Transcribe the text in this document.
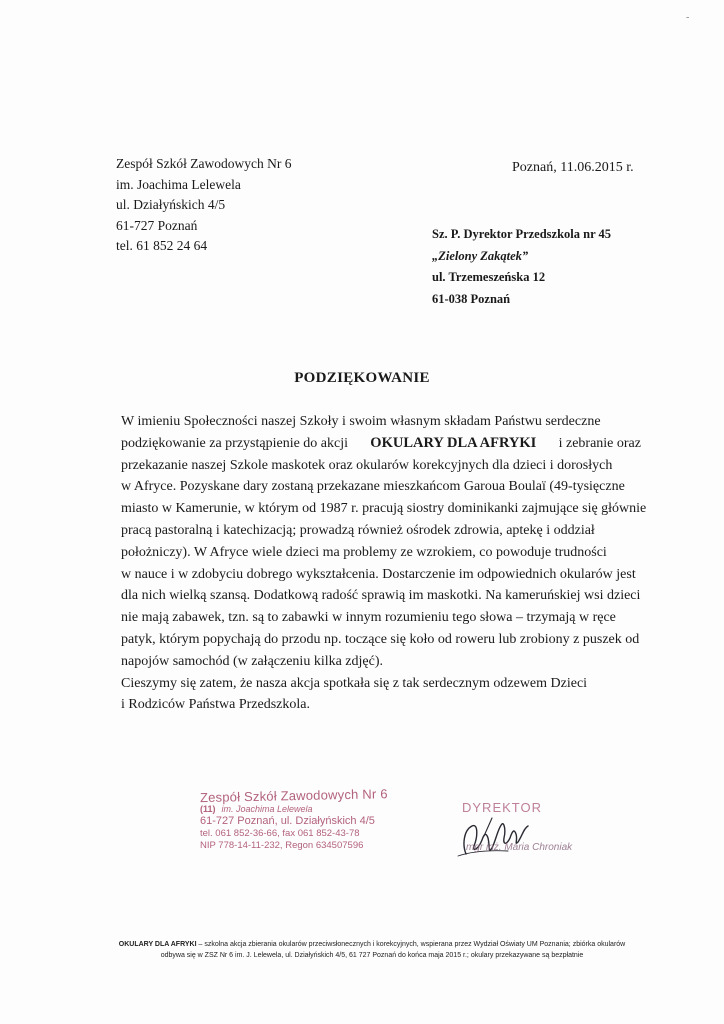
-
Zespół Szkół Zawodowych Nr 6
im. Joachima Lelewela
ul. Działyńskich 4/5
61-727 Poznań
tel. 61 852 24 64
Poznań, 11.06.2015 r.
Sz. P. Dyrektor Przedszkola nr 45
„Zielony Zakątek”
ul. Trzemeszeńska 12
61-038 Poznań
PODZIĘKOWANIE
W imieniu Społeczności naszej Szkoły i swoim własnym składam Państwu serdeczne
podziękowanie za przystąpienie do akcji OKULARY DLA AFRYKI i zebranie oraz
przekazanie naszej Szkole maskotek oraz okularów korekcyjnych dla dzieci i dorosłych
w Afryce. Pozyskane dary zostaną przekazane mieszkańcom Garoua Boulaï (49-tysięczne
miasto w Kamerunie, w którym od 1987 r. pracują siostry dominikanki zajmujące się głównie
pracą pastoralną i katechizacją; prowadzą również ośrodek zdrowia, aptekę i oddział
położniczy). W Afryce wiele dzieci ma problemy ze wzrokiem, co powoduje trudności
w nauce i w zdobyciu dobrego wykształcenia. Dostarczenie im odpowiednich okularów jest
dla nich wielką szansą. Dodatkową radość sprawią im maskotki. Na kameruńskiej wsi dzieci
nie mają zabawek, tzn. są to zabawki w innym rozumieniu tego słowa – trzymają w ręce
patyk, którym popychają do przodu np. toczące się koło od roweru lub zrobiony z puszek od
napojów samochód (w załączeniu kilka zdjęć).
Cieszymy się zatem, że nasza akcja spotkała się z tak serdecznym odzewem Dzieci
i Rodziców Państwa Przedszkola.
Zespół Szkół Zawodowych Nr 6
(11) im. Joachima Lelewela
61-727 Poznań, ul. Działyńskich 4/5
tel. 061 852-36-66, fax 061 852-43-78
NIP 778-14-11-232, Regon 634507596
DYREKTOR
mgr inż. Maria Chroniak
OKULARY DLA AFRYKI – szkolna akcja zbierania okularów przeciwsłonecznych i korekcyjnych, wspierana przez Wydział Oświaty UM Poznania; zbiórka okularów
odbywa się w ZSZ Nr 6 im. J. Lelewela, ul. Działyńskich 4/5, 61 727 Poznań do końca maja 2015 r.; okulary przekazywane są bezpłatnie
